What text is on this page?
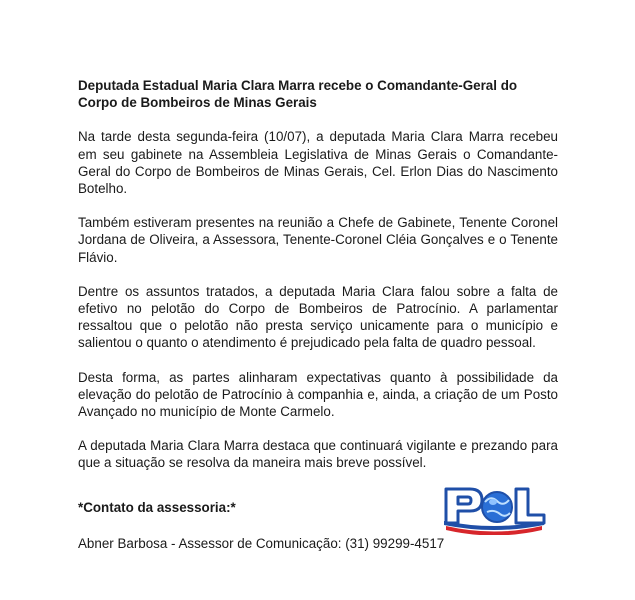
Deputada Estadual Maria Clara Marra recebe o Comandante-Geral do Corpo de Bombeiros de Minas Gerais

Na tarde desta segunda-feira (10/07), a deputada Maria Clara Marra recebeu em seu gabinete na Assembleia Legislativa de Minas Gerais o Comandante-Geral do Corpo de Bombeiros de Minas Gerais, Cel. Erlon Dias do Nascimento Botelho.

Também estiveram presentes na reunião a Chefe de Gabinete, Tenente Coronel Jordana de Oliveira, a Assessora, Tenente-Coronel Cléia Gonçalves e o Tenente Flávio.

Dentre os assuntos tratados, a deputada Maria Clara falou sobre a falta de efetivo no pelotão do Corpo de Bombeiros de Patrocínio. A parlamentar ressaltou que o pelotão não presta serviço unicamente para o município e salientou o quanto o atendimento é prejudicado pela falta de quadro pessoal.

Desta forma, as partes alinharam expectativas quanto à possibilidade da elevação do pelotão de Patrocínio à companhia e, ainda, a criação de um Posto Avançado no município de Monte Carmelo.

A deputada Maria Clara Marra destaca que continuará vigilante e prezando para que a situação se resolva da maneira mais breve possível.

*Contato da assessoria:*
Abner Barbosa - Assessor de Comunicação: (31) 99299-4517
